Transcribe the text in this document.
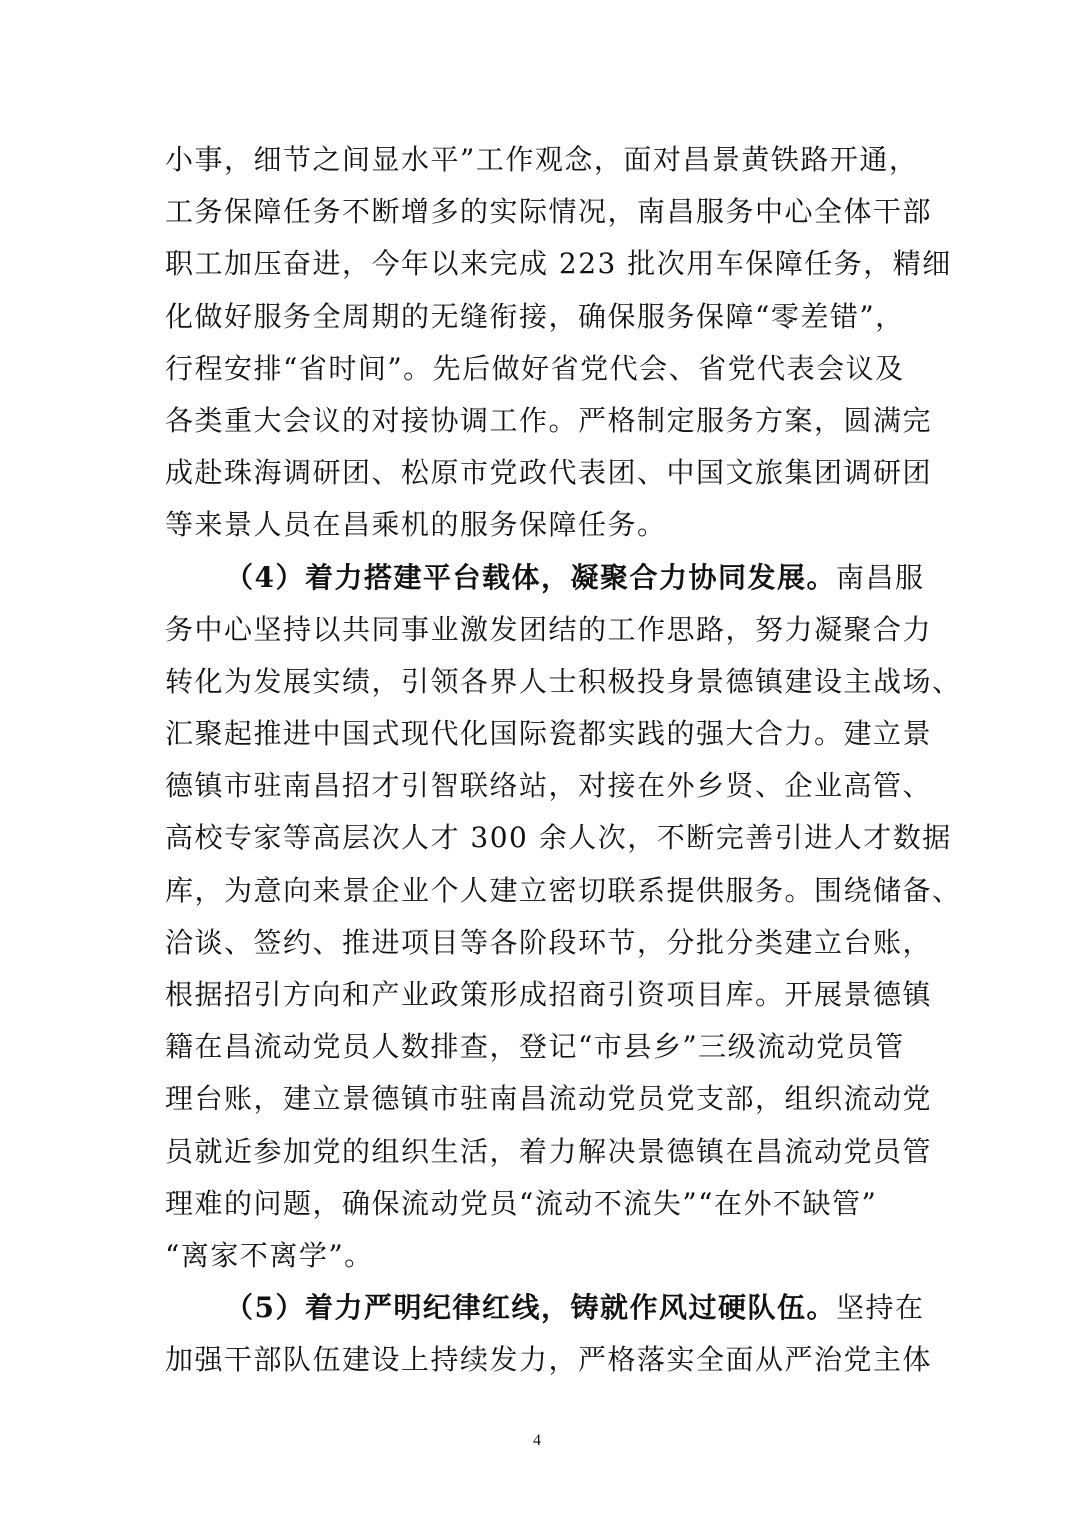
小事，细节之间显水平”工作观念，面对昌景黄铁路开通，
工务保障任务不断增多的实际情况，南昌服务中心全体干部
职工加压奋进，今年以来完成 223 批次用车保障任务，精细
化做好服务全周期的无缝衔接，确保服务保障“零差错”，
行程安排“省时间”。先后做好省党代会、省党代表会议及
各类重大会议的对接协调工作。严格制定服务方案，圆满完
成赴珠海调研团、松原市党政代表团、中国文旅集团调研团
等来景人员在昌乘机的服务保障任务。
（4）着力搭建平台载体，凝聚合力协同发展。南昌服
务中心坚持以共同事业激发团结的工作思路，努力凝聚合力
转化为发展实绩，引领各界人士积极投身景德镇建设主战场、
汇聚起推进中国式现代化国际瓷都实践的强大合力。建立景
德镇市驻南昌招才引智联络站，对接在外乡贤、企业高管、
高校专家等高层次人才 300 余人次，不断完善引进人才数据
库，为意向来景企业个人建立密切联系提供服务。围绕储备、
洽谈、签约、推进项目等各阶段环节，分批分类建立台账，
根据招引方向和产业政策形成招商引资项目库。开展景德镇
籍在昌流动党员人数排查，登记“市县乡”三级流动党员管
理台账，建立景德镇市驻南昌流动党员党支部，组织流动党
员就近参加党的组织生活，着力解决景德镇在昌流动党员管
理难的问题，确保流动党员“流动不流失”“在外不缺管”
“离家不离学”。
（5）着力严明纪律红线，铸就作风过硬队伍。坚持在
加强干部队伍建设上持续发力，严格落实全面从严治党主体
4
